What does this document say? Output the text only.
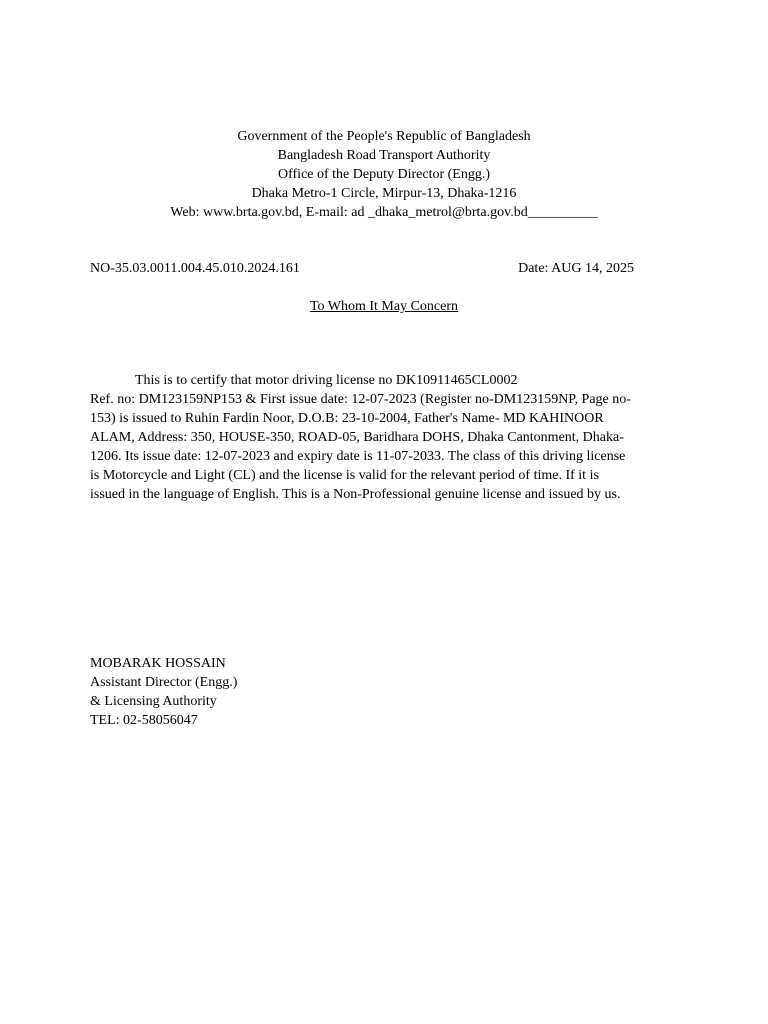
Government of the People's Republic of Bangladesh
Bangladesh Road Transport Authority
Office of the Deputy Director (Engg.)
Dhaka Metro-1 Circle, Mirpur-13, Dhaka-1216
Web: www.brta.gov.bd, E-mail: ad _dhaka_metrol@brta.gov.bd__________
NO-35.03.0011.004.45.010.2024.161	Date: AUG 14, 2025
To Whom It May Concern
This is to certify that motor driving license no DK10911465CL0002
Ref. no: DM123159NP153 & First issue date: 12-07-2023 (Register no-DM123159NP, Page no-
153) is issued to Ruhin Fardin Noor, D.O.B: 23-10-2004, Father's Name- MD KAHINOOR
ALAM, Address: 350, HOUSE-350, ROAD-05, Baridhara DOHS, Dhaka Cantonment, Dhaka-
1206. Its issue date: 12-07-2023 and expiry date is 11-07-2033. The class of this driving license
is Motorcycle and Light (CL) and the license is valid for the relevant period of time. If it is
issued in the language of English. This is a Non-Professional genuine license and issued by us.
MOBARAK HOSSAIN
Assistant Director (Engg.)
& Licensing Authority
TEL: 02-58056047
